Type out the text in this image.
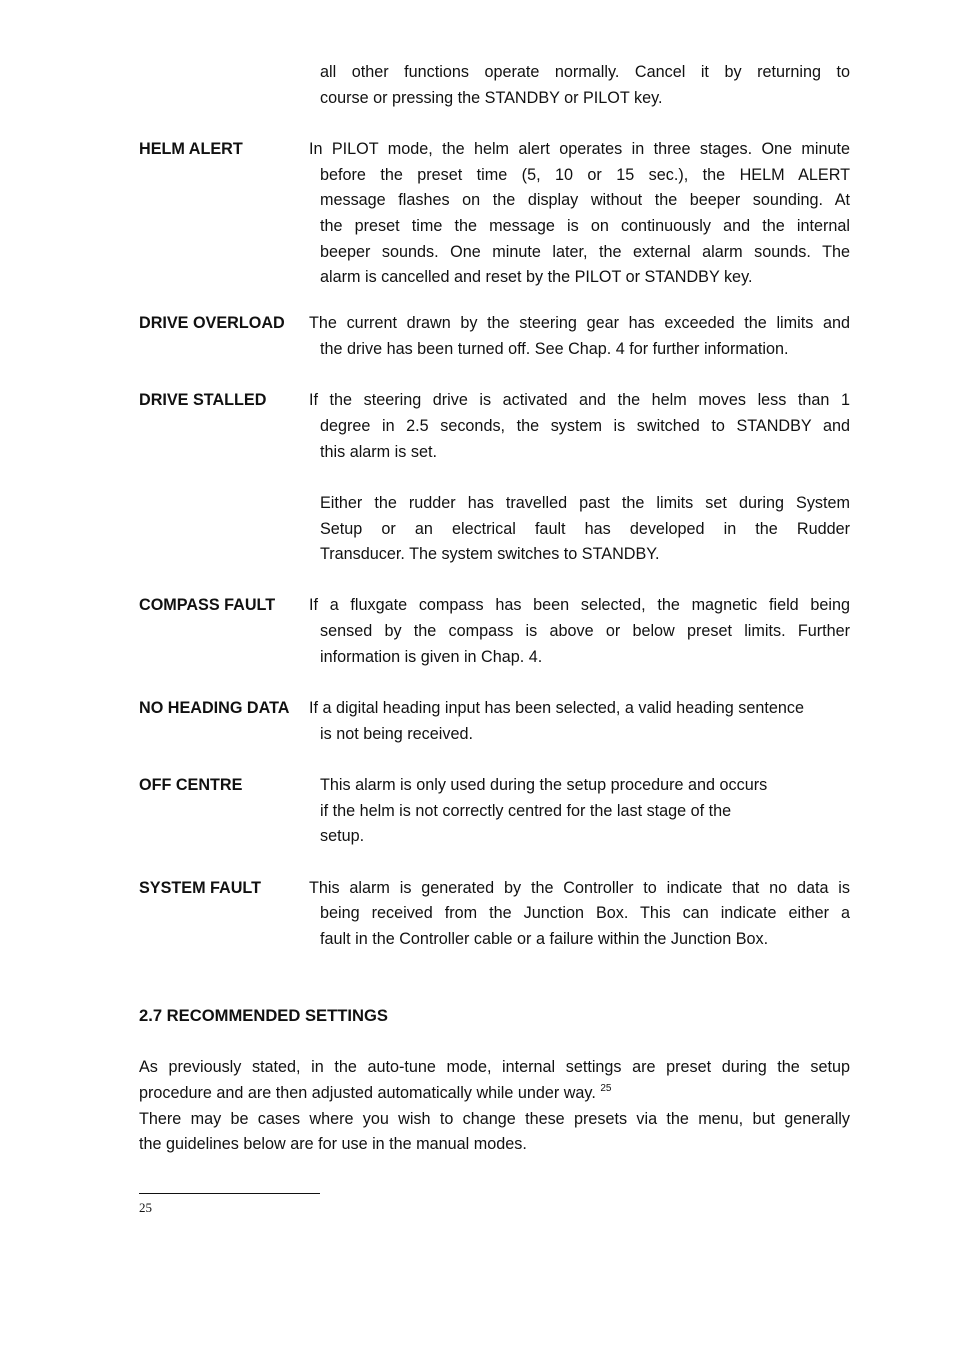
all other functions operate normally. Cancel it by returning to
course or pressing the STANDBY or PILOT key.
HELM ALERT	In PILOT mode, the helm alert operates in three stages. One minute
before the preset time (5, 10 or 15 sec.), the HELM ALERT
message flashes on the display without the beeper sounding. At
the preset time the message is on continuously and the internal
beeper sounds. One minute later, the external alarm sounds. The
alarm is cancelled and reset by the PILOT or STANDBY key.
DRIVE OVERLOAD The current drawn by the steering gear has exceeded the limits and
the drive has been turned off. See Chap. 4 for further information.
DRIVE STALLED	If the steering drive is activated and the helm moves less than 1
degree in 2.5 seconds, the system is switched to STANDBY and
this alarm is set.
Either the rudder has travelled past the limits set during System
Setup or an electrical fault has developed in the Rudder
Transducer. The system switches to STANDBY.
COMPASS FAULT If a fluxgate compass has been selected, the magnetic field being
sensed by the compass is above or below preset limits. Further
information is given in Chap. 4.
NO HEADING DATA If a digital heading input has been selected, a valid heading sentence
is not being received.
OFF CENTRE	This alarm is only used during the setup procedure and occurs
if the helm is not correctly centred for the last stage of the
setup.
SYSTEM FAULT	This alarm is generated by the Controller to indicate that no data is
being received from the Junction Box. This can indicate either a
fault in the Controller cable or a failure within the Junction Box.
2.7 RECOMMENDED SETTINGS
As previously stated, in the auto-tune mode, internal settings are preset during the setup
procedure and are then adjusted automatically while under way. $^{25}$
There may be cases where you wish to change these presets via the menu, but generally
the guidelines below are for use in the manual modes.
25
